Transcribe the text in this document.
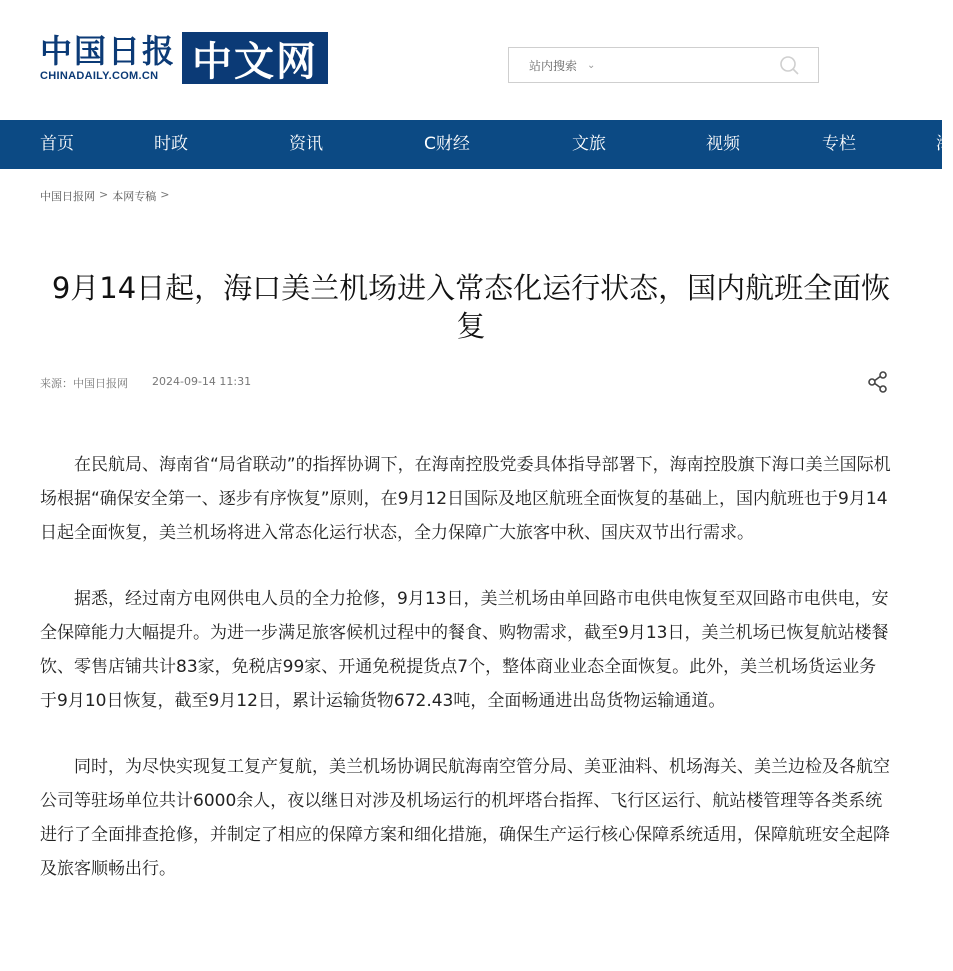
中国日报
CHINADAILY.COM.CN 中文网	站内搜索 ⌄
首页	时政	资讯	C财经	文旅	视频	专栏	海
中国日报网 > 本网专稿 >
9月14日起，海口美兰机场进入常态化运行状态，国内航班全面恢复
来源：中国日报网 2024-09-14 11:31

在民航局、海南省“局省联动”的指挥协调下，在海南控股党委具体指导部署下，海南控股旗下海口美兰国际机场根据“确保安全第一、逐步有序恢复”原则，在9月12日国际及地区航班全面恢复的基础上，国内航班也于9月14日起全面恢复，美兰机场将进入常态化运行状态，全力保障广大旅客中秋、国庆双节出行需求。

据悉，经过南方电网供电人员的全力抢修，9月13日，美兰机场由单回路市电供电恢复至双回路市电供电，安全保障能力大幅提升。为进一步满足旅客候机过程中的餐食、购物需求，截至9月13日，美兰机场已恢复航站楼餐饮、零售店铺共计83家，免税店99家、开通免税提货点7个，整体商业业态全面恢复。此外，美兰机场货运业务于9月10日恢复，截至9月12日，累计运输货物672.43吨，全面畅通进出岛货物运输通道。

同时，为尽快实现复工复产复航，美兰机场协调民航海南空管分局、美亚油料、机场海关、美兰边检及各航空公司等驻场单位共计6000余人，夜以继日对涉及机场运行的机坪塔台指挥、飞行区运行、航站楼管理等各类系统进行了全面排查抢修，并制定了相应的保障方案和细化措施，确保生产运行核心保障系统适用，保障航班安全起降及旅客顺畅出行。
